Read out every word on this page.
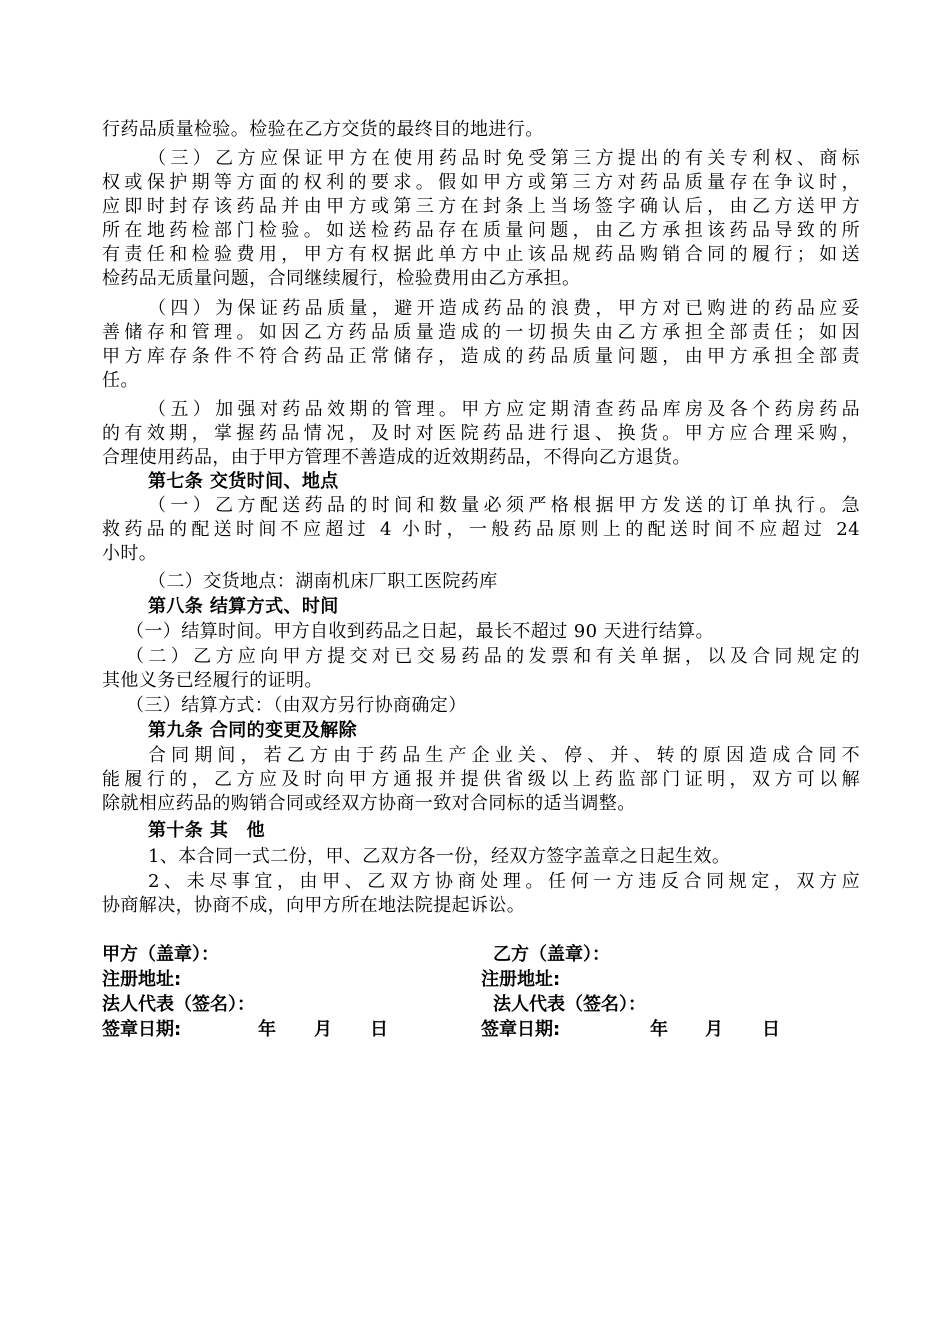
行药品质量检验。检验在乙方交货的最终目的地进行。
（三）乙方应保证甲方在使用药品时免受第三方提出的有关专利权、商标
权或保护期等方面的权利的要求。假如甲方或第三方对药品质量存在争议时，
应即时封存该药品并由甲方或第三方在封条上当场签字确认后，由乙方送甲方
所在地药检部门检验。如送检药品存在质量问题，由乙方承担该药品导致的所
有责任和检验费用，甲方有权据此单方中止该品规药品购销合同的履行；如送
检药品无质量问题，合同继续履行，检验费用由乙方承担。
（四）为保证药品质量，避开造成药品的浪费，甲方对已购进的药品应妥
善储存和管理。如因乙方药品质量造成的一切损失由乙方承担全部责任；如因
甲方库存条件不符合药品正常储存，造成的药品质量问题，由甲方承担全部责
任。
（五）加强对药品效期的管理。甲方应定期清查药品库房及各个药房药品
的有效期，掌握药品情况，及时对医院药品进行退、换货。甲方应合理采购，
合理使用药品，由于甲方管理不善造成的近效期药品，不得向乙方退货。
第七条 交货时间、地点
（一）乙方配送药品的时间和数量必须严格根据甲方发送的订单执行。急
救药品的配送时间不应超过 4 小时，一般药品原则上的配送时间不应超过 24
小时。
（二）交货地点：湖南机床厂职工医院药库
第八条 结算方式、时间
（一）结算时间。甲方自收到药品之日起，最长不超过 90 天进行结算。
（二）乙方应向甲方提交对已交易药品的发票和有关单据，以及合同规定的
其他义务已经履行的证明。
（三）结算方式：（由双方另行协商确定）
第九条 合同的变更及解除
合同期间，若乙方由于药品生产企业关、停、并、转的原因造成合同不
能履行的，乙方应及时向甲方通报并提供省级以上药监部门证明，双方可以解
除就相应药品的购销合同或经双方协商一致对合同标的适当调整。
第十条 其　他
1、本合同一式二份，甲、乙双方各一份，经双方签字盖章之日起生效。
2、未尽事宜，由甲、乙双方协商处理。任何一方违反合同规定，双方应
协商解决，协商不成，向甲方所在地法院提起诉讼。
甲方（盖章）：	乙方（盖章）：
注册地址:	注册地址:
法人代表（签名）：	法人代表（签名）：
签章日期:	年 月 日	签章日期:	年 月 日
